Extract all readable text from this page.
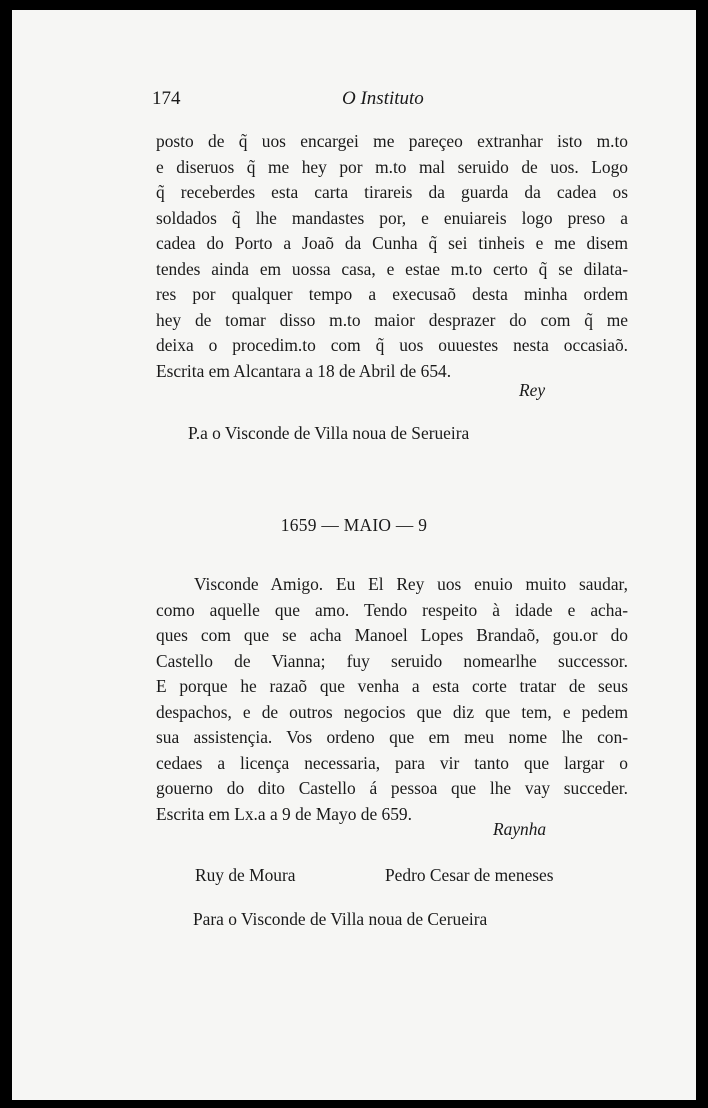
174	O Instituto
posto de q̃ uos encargei me pareçeo extranhar isto m.to
e diseruos q̃ me hey por m.to mal seruido de uos. Logo
q̃ receberdes esta carta tirareis da guarda da cadea os
soldados q̃ lhe mandastes por, e enuiareis logo preso a
cadea do Porto a Joaõ da Cunha q̃ sei tinheis e me disem
tendes ainda em uossa casa, e estae m.to certo q̃ se dilata-
res por qualquer tempo a execusaõ desta minha ordem
hey de tomar disso m.to maior desprazer do com q̃ me
deixa o procedim.to com q̃ uos ouuestes nesta occasiaõ.
Escrita em Alcantara a 18 de Abril de 654.
Rey
P.a o Visconde de Villa noua de Serueira
1659 — MAIO — 9
Visconde Amigo. Eu El Rey uos enuio muito saudar,
como aquelle que amo. Tendo respeito à idade e acha-
ques com que se acha Manoel Lopes Brandaõ, gou.or do
Castello de Vianna; fuy seruido nomearlhe successor.
E porque he razaõ que venha a esta corte tratar de seus
despachos, e de outros negocios que diz que tem, e pedem
sua assistençia. Vos ordeno que em meu nome lhe con-
cedaes a licença necessaria, para vir tanto que largar o
gouerno do dito Castello á pessoa que lhe vay succeder.
Escrita em Lx.a a 9 de Mayo de 659.
Raynha
Ruy de Moura	Pedro Cesar de meneses
Para o Visconde de Villa noua de Cerueira
